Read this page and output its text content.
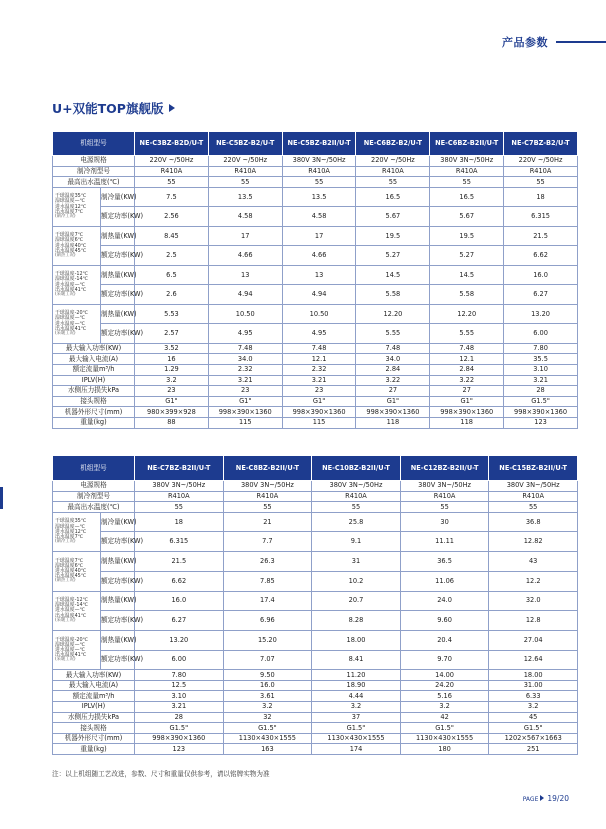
产品参数
U+双能TOP旗舰版
机组型号		NE-C3BZ-B2D/U-T	NE-C5BZ-B2/U-T	NE-C5BZ-B2II/U-T	NE-C6BZ-B2/U-T	NE-C6BZ-B2II/U-T	NE-C7BZ-B2/U-T
电源规格		220V ~/50Hz	220V ~/50Hz	380V 3N~/50Hz	220V ~/50Hz	380V 3N~/50Hz	220V ~/50Hz
制冷剂型号		R410A	R410A	R410A	R410A	R410A	R410A
最高出水温度(℃)		55	55	55	55	55	55

干球温度35℃
湿球温度—℃
进水温度12℃
出水温度7℃
(制冷工况)	制冷量(KW)	7.5	13.5	13.5	16.5	16.5	18
	额定功率(KW)	2.56	4.58	4.58	5.67	5.67	6.315

干球温度7℃
湿球温度6℃
进水温度40℃
出水温度45℃
(制热工况)	制热量(KW)	8.45	17	17	19.5	19.5	21.5
	额定功率(KW)	2.5	4.66	4.66	5.27	5.27	6.62

干球温度-12℃
湿球温度-14℃
进水温度—℃
出水温度41℃
(采暖工况)	制热量(KW)	6.5	13	13	14.5	14.5	16.0
	额定功率(KW)	2.6	4.94	4.94	5.58	5.58	6.27

干球温度-20℃
湿球温度—℃
进水温度—℃
出水温度41℃
(采暖工况)	制热量(KW)	5.53	10.50	10.50	12.20	12.20	13.20
	额定功率(KW)	2.57	4.95	4.95	5.55	5.55	6.00
最大输入功率(KW)		3.52	7.48	7.48	7.48	7.48	7.80
最大输入电流(A)		16	34.0	12.1	34.0	12.1	35.5
额定流量m³/h		1.29	2.32	2.32	2.84	2.84	3.10
IPLV(H)		3.2	3.21	3.21	3.22	3.22	3.21
水侧压力损失kPa		23	23	23	27	27	28
接头规格		G1"	G1"	G1"	G1"	G1"	G1.5"
机器外形尺寸(mm)		980×399×928	998×390×1360	998×390×1360	998×390×1360	998×390×1360	998×390×1360
重量(kg)		88	115	115	118	118	123
机组型号		NE-C7BZ-B2II/U-T	NE-C8BZ-B2II/U-T	NE-C10BZ-B2II/U-T	NE-C12BZ-B2II/U-T	NE-C15BZ-B2II/U-T
电源规格		380V 3N~/50Hz	380V 3N~/50Hz	380V 3N~/50Hz	380V 3N~/50Hz	380V 3N~/50Hz
制冷剂型号		R410A	R410A	R410A	R410A	R410A
最高出水温度(℃)		55	55	55	55	55

干球温度35℃
湿球温度—℃
进水温度12℃
出水温度7℃
(制冷工况)	制冷量(KW)	18	21	25.8	30	36.8
	额定功率(KW)	6.315	7.7	9.1	11.11	12.82

干球温度7℃
湿球温度6℃
进水温度40℃
出水温度45℃
(制热工况)	制热量(KW)	21.5	26.3	31	36.5	43
	额定功率(KW)	6.62	7.85	10.2	11.06	12.2

干球温度-12℃
湿球温度-14℃
进水温度—℃
出水温度41℃
(采暖工况)	制热量(KW)	16.0	17.4	20.7	24.0	32.0
	额定功率(KW)	6.27	6.96	8.28	9.60	12.8

干球温度-20℃
湿球温度—℃
进水温度—℃
出水温度41℃
(采暖工况)	制热量(KW)	13.20	15.20	18.00	20.4	27.04
	额定功率(KW)	6.00	7.07	8.41	9.70	12.64
最大输入功率(KW)		7.80	9.50	11.20	14.00	18.00
最大输入电流(A)		12.5	16.0	18.90	24.20	31.00
额定流量m³/h		3.10	3.61	4.44	5.16	6.33
IPLV(H)		3.21	3.2	3.2	3.2	3.2
水侧压力损失kPa		28	32	37	42	45
接头规格		G1.5"	G1.5"	G1.5"	G1.5"	G1.5"
机器外形尺寸(mm)		998×390×1360	1130×430×1555	1130×430×1555	1130×430×1555	1202×567×1663
重量(kg)		123	163	174	180	251
注：以上机组随工艺改进，参数、尺寸和重量仅供参考，请以铭牌实物为准
PAGE 19/20
